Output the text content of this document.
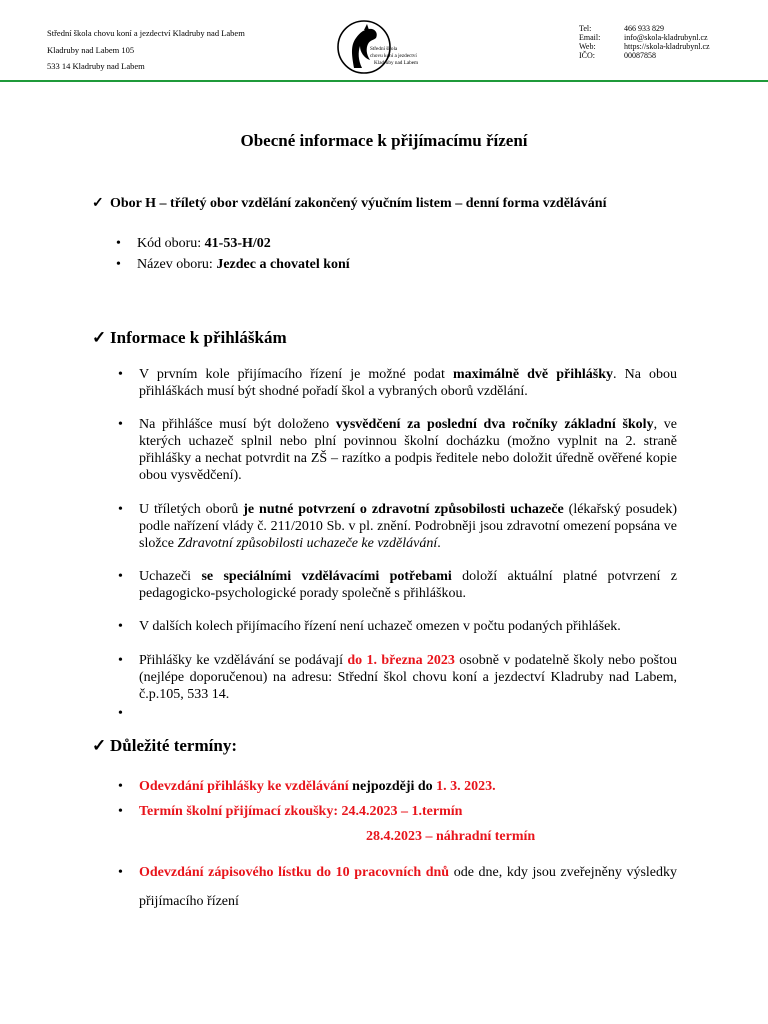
Střední škola chovu koní a jezdectví Kladruby nad Labem
Kladruby nad Labem 105
533 14 Kladruby nad Labem
Střední škola
chovu koní a jezdectví
Kladruby nad Labem
Tel:	466 933 829
Email:	info@skola-kladrubynl.cz
Web:	https://skola-kladrubynl.cz
IČO:	00087858
Obecné informace k přijímacímu řízení
✓ Obor H – tříletý obor vzdělání zakončený výučním listem – denní forma vzdělávání
• Kód oboru: 41-53-H/02
• Název oboru: Jezdec a chovatel koní
✓ Informace k přihláškám

• V prvním kole přijímacího řízení je možné podat maximálně dvě přihlášky. Na obou přihláškách musí být shodné pořadí škol a vybraných oborů vzdělání.

• Na přihlášce musí být doloženo vysvědčení za poslední dva ročníky základní školy, ve kterých uchazeč splnil nebo plní povinnou školní docházku (možno vyplnit na 2. straně přihlášky a nechat potvrdit na ZŠ – razítko a podpis ředitele nebo doložit úředně ověřené kopie obou vysvědčení).

• U tříletých oborů je nutné potvrzení o zdravotní způsobilosti uchazeče (lékařský posudek) podle nařízení vlády č. 211/2010 Sb. v pl. znění. Podrobněji jsou zdravotní omezení popsána ve složce Zdravotní způsobilosti uchazeče ke vzdělávání.

• Uchazeči se speciálními vzdělávacími potřebami doloží aktuální platné potvrzení z pedagogicko-psychologické porady společně s přihláškou.

• V dalších kolech přijímacího řízení není uchazeč omezen v počtu podaných přihlášek.

• Přihlášky ke vzdělávání se podávají do 1. března 2023 osobně v podatelně školy nebo poštou (nejlépe doporučenou) na adresu: Střední škol chovu koní a jezdectví Kladruby nad Labem, č.p.105, 533 14.

•

✓ Důležité termíny:
• Odevzdání přihlášky ke vzdělávání nejpozději do 1. 3. 2023.
• Termín školní přijímací zkoušky: 24.4.2023 – 1.termín
28.4.2023 – náhradní termín

• Odevzdání zápisového lístku do 10 pracovních dnů ode dne, kdy jsou zveřejněny výsledky přijímacího řízení
